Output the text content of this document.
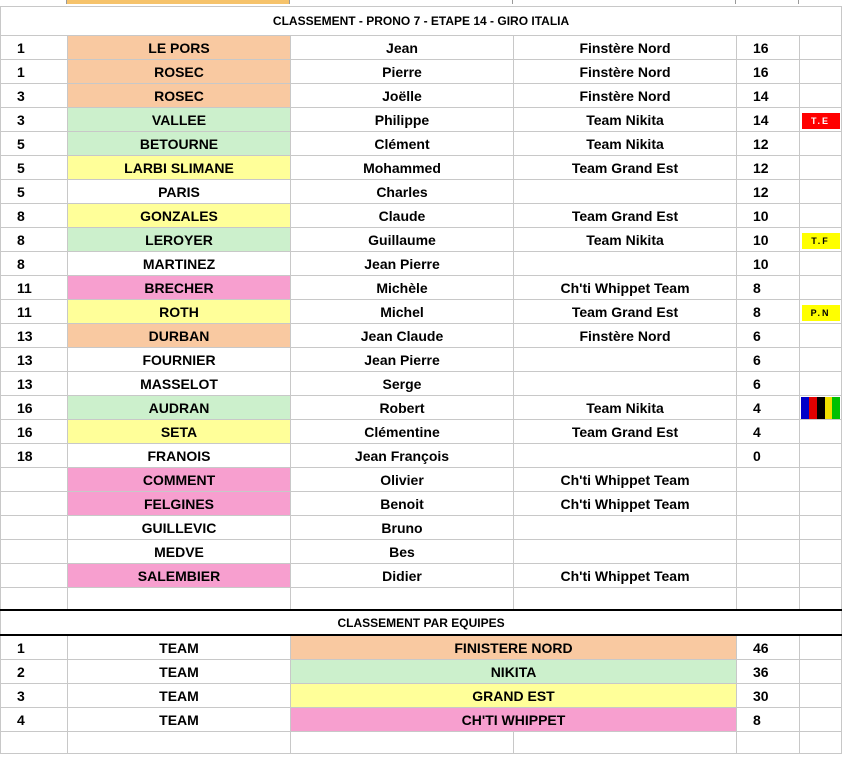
CLASSEMENT - PRONO 7 - ETAPE 14 - GIRO ITALIA					
1	LE PORS	Jean	Finstère Nord	16	
1	ROSEC	Pierre	Finstère Nord	16	
3	ROSEC	Joëlle	Finstère Nord	14	
3	VALLEE	Philippe	Team Nikita	14	T.E
5	BETOURNE	Clément	Team Nikita	12	
5	LARBI SLIMANE	Mohammed	Team Grand Est	12	
5	PARIS	Charles		12	
8	GONZALES	Claude	Team Grand Est	10	
8	LEROYER	Guillaume	Team Nikita	10	T.F
8	MARTINEZ	Jean Pierre		10	
11	BRECHER	Michèle	Ch'ti Whippet Team	8	
11	ROTH	Michel	Team Grand Est	8	P.N
13	DURBAN	Jean Claude	Finstère Nord	6	
13	FOURNIER	Jean Pierre		6	
13	MASSELOT	Serge		6	
16	AUDRAN	Robert	Team Nikita	4	

16	SETA	Clémentine	Team Grand Est	4	
18	FRANOIS	Jean François		0	
	COMMENT	Olivier	Ch'ti Whippet Team		
	FELGINES	Benoit	Ch'ti Whippet Team		
	GUILLEVIC	Bruno			
	MEDVE	Bes			
	SALEMBIER	Didier	Ch'ti Whippet Team		

CLASSEMENT PAR EQUIPES					
1	TEAM	FINISTERE NORD		46	
2	TEAM	NIKITA		36	
3	TEAM	GRAND EST		30	
4	TEAM	CH'TI WHIPPET		8	
